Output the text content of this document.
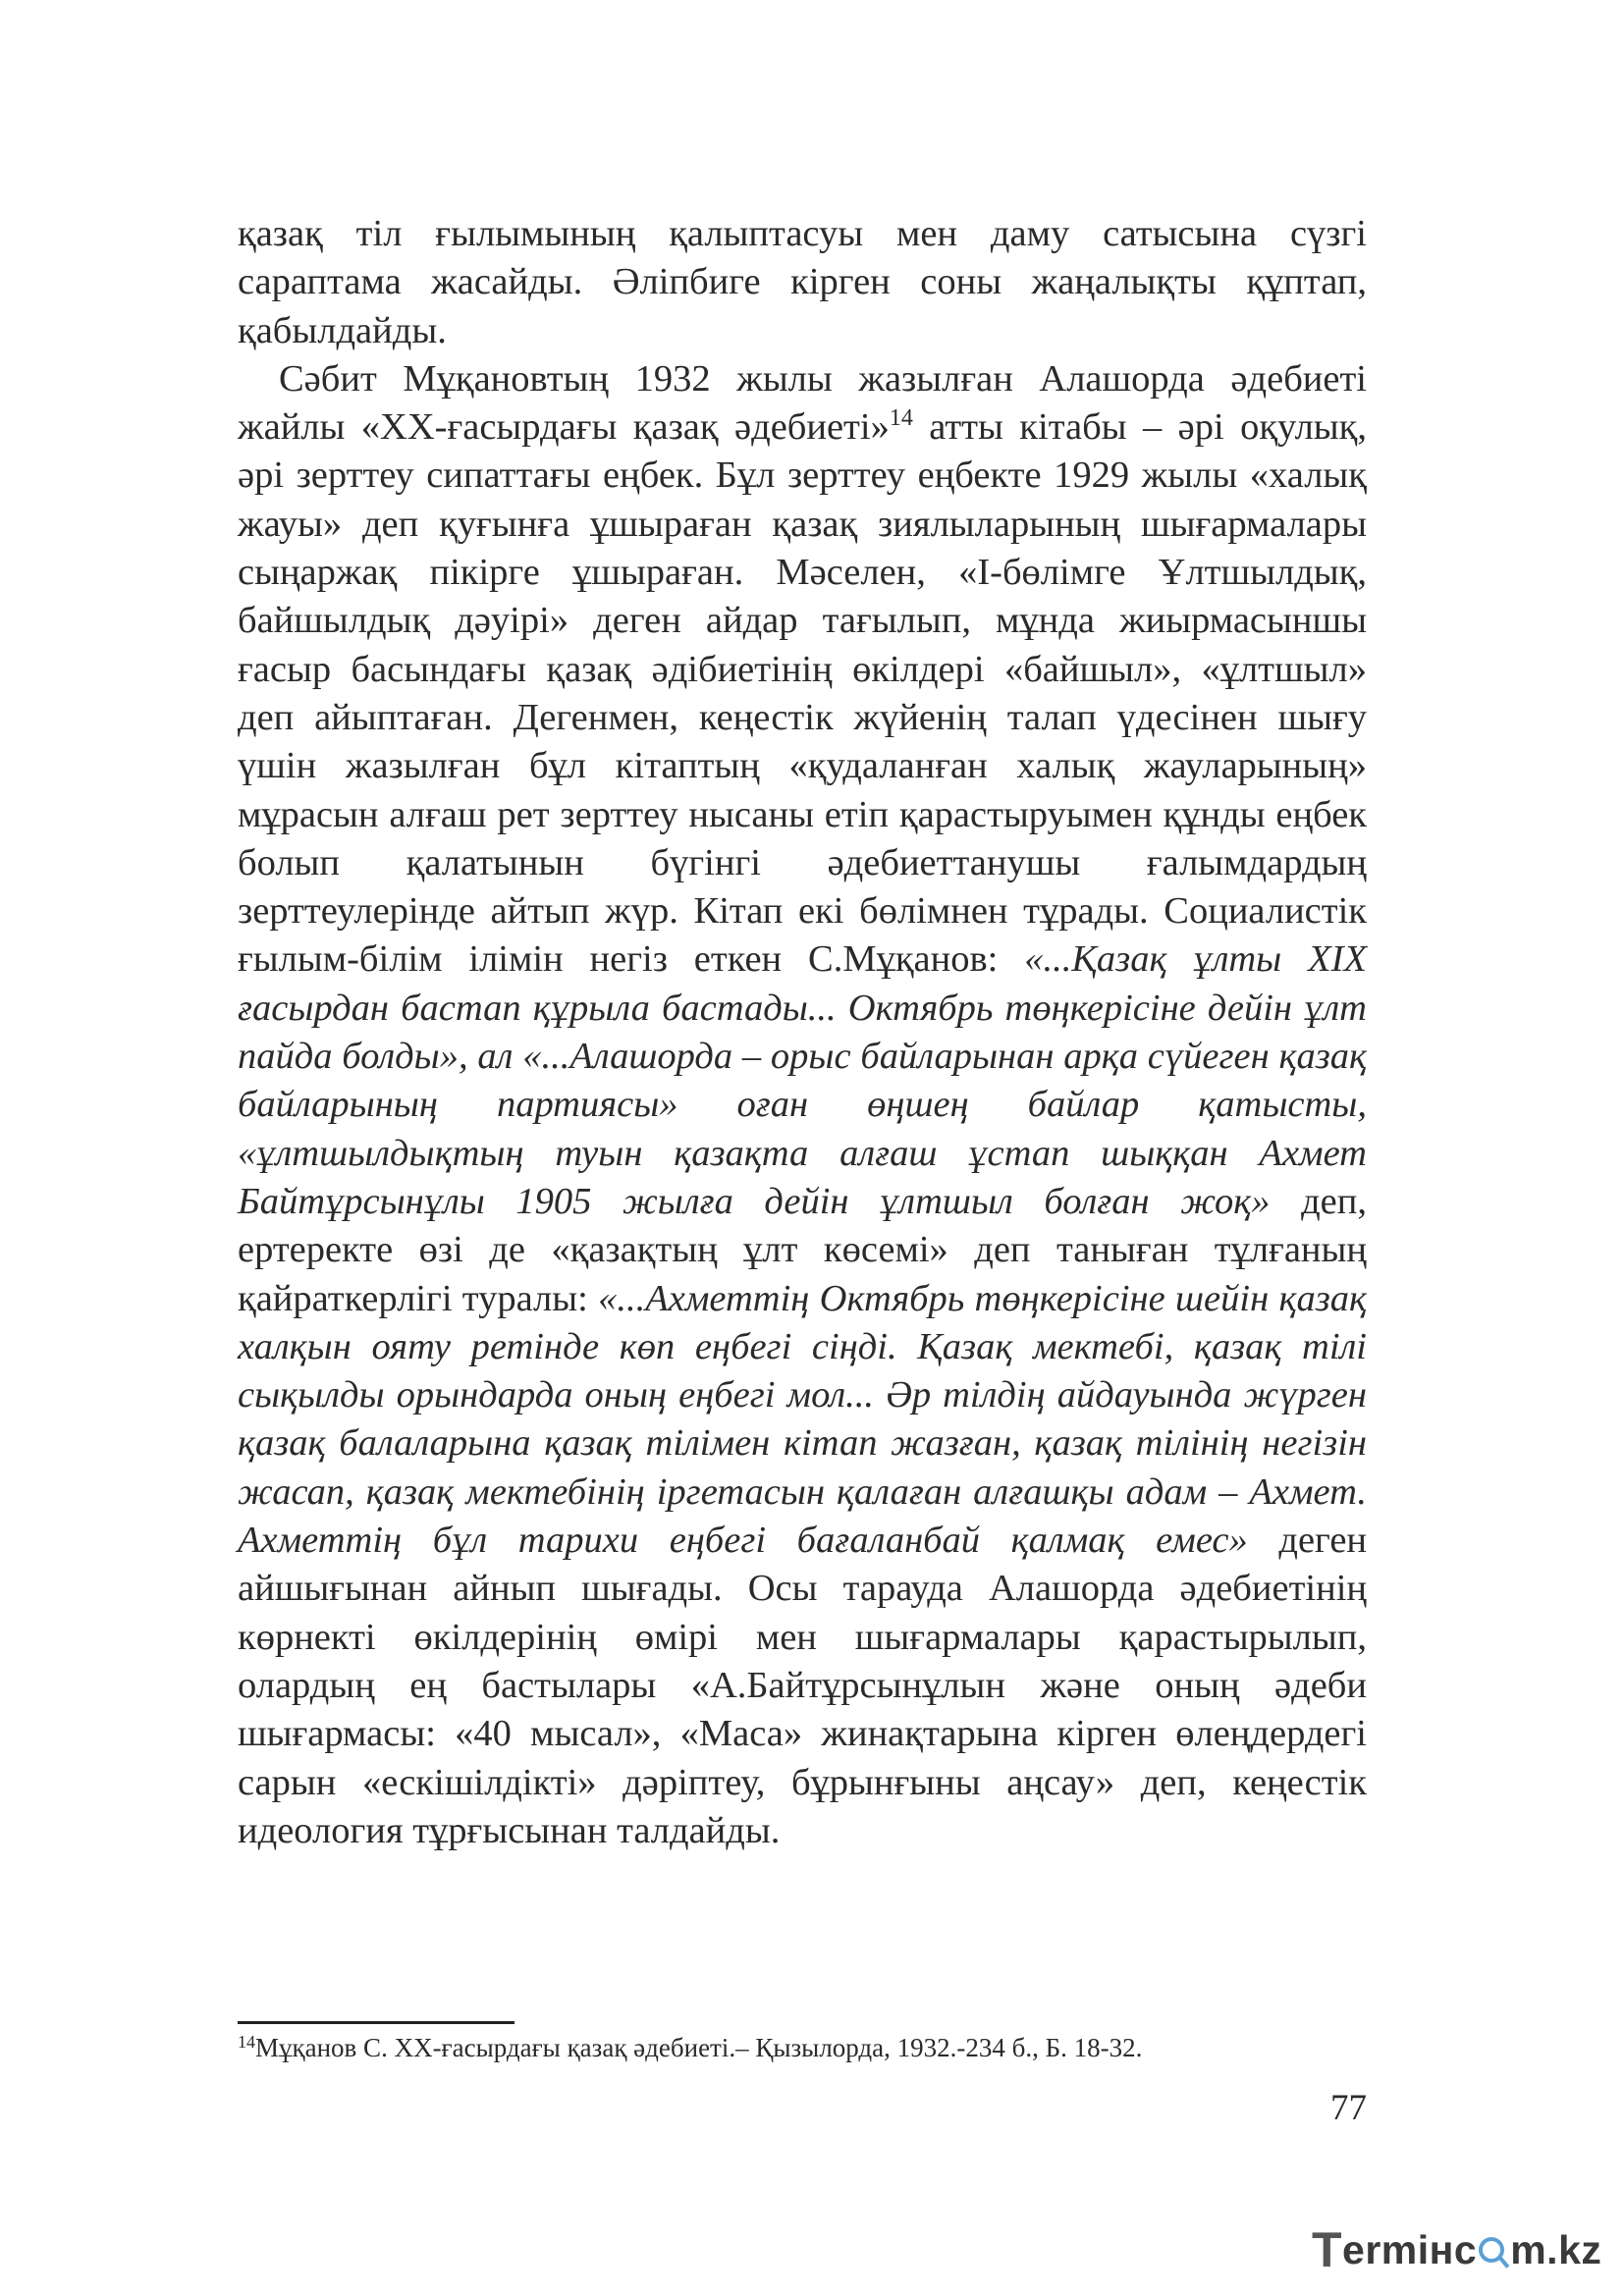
қазақ тіл ғылымының қалыптасуы мен даму сатысына сүзгі сараптама жасайды. Әліпбиге кірген соны жаңалықты құптап, қабылдайды.

Сәбит Мұқановтың 1932 жылы жазылған Алашорда әдебиеті жайлы «ХХ-ғасырдағы қазақ әдебиеті»$^{14}$ атты кітабы – әрі оқулық, әрі зерттеу сипаттағы еңбек. Бұл зерттеу еңбекте 1929 жылы «халық жауы» деп қуғынға ұшыраған қазақ зиялыларының шығармалары сыңаржақ пікірге ұшыраған. Мәселен, «І-бөлімге Ұлтшылдық, байшылдық дәуірі» деген айдар тағылып, мұнда жиырмасыншы ғасыр басындағы қазақ әдібиетінің өкілдері «байшыл», «ұлтшыл» деп айыптаған. Дегенмен, кеңестік жүйенің талап үдесінен шығу үшін жазылған бұл кітаптың «қудаланған халық жауларының» мұрасын алғаш рет зерттеу нысаны етіп қарастыруымен құнды еңбек болып қалатынын бүгінгі әдебиеттанушы ғалымдардың зерттеулерінде айтып жүр. Кітап екі бөлімнен тұрады. Социалистік ғылым-білім ілімін негіз еткен С.Мұқанов: «...Қазақ ұлты ХІХ ғасырдан бастап құрыла бастады... Октябрь төңкерісіне дейін ұлт пайда болды», ал «...Алашорда – орыс байларынан арқа сүйеген қазақ байларының партиясы» оған өңшең байлар қатысты, «ұлтшылдықтың туын қазақта алғаш ұстап шыққан Ахмет Байтұрсынұлы 1905 жылға дейін ұлтшыл болған жоқ» деп, ертеректе өзі де «қазақтың ұлт көсемі» деп таныған тұлғаның қайраткерлігі туралы: «...Ахметтің Октябрь төңкерісіне шейін қазақ халқын ояту ретінде көп еңбегі сіңді. Қазақ мектебі, қазақ тілі сықылды орындарда оның еңбегі мол... Әр тілдің айдауында жүрген қазақ балаларына қазақ тілімен кітап жазған, қазақ тілінің негізін жасап, қазақ мектебінің іргетасын қалаған алғашқы адам – Ахмет. Ахметтің бұл тарихи еңбегі бағаланбай қалмақ емес» деген айшығынан айнып шығады. Осы тарауда Алашорда әдебиетінің көрнекті өкілдерінің өмірі мен шығармалары қарастырылып, олардың ең бастылары «А.Байтұрсынұлын және оның әдеби шығармасы: «40 мысал», «Маса» жинақтарына кірген өлеңдердегі сарын «ескішілдікті» дәріптеу, бұрынғыны аңсау» деп, кеңестік идеология тұрғысынан талдайды.

$^{14}$Мұқанов С. ХХ-ғасырдағы қазақ әдебиеті.– Қызылорда, 1932.-234 б., Б. 18-32.
77
T ermінc m.kz
